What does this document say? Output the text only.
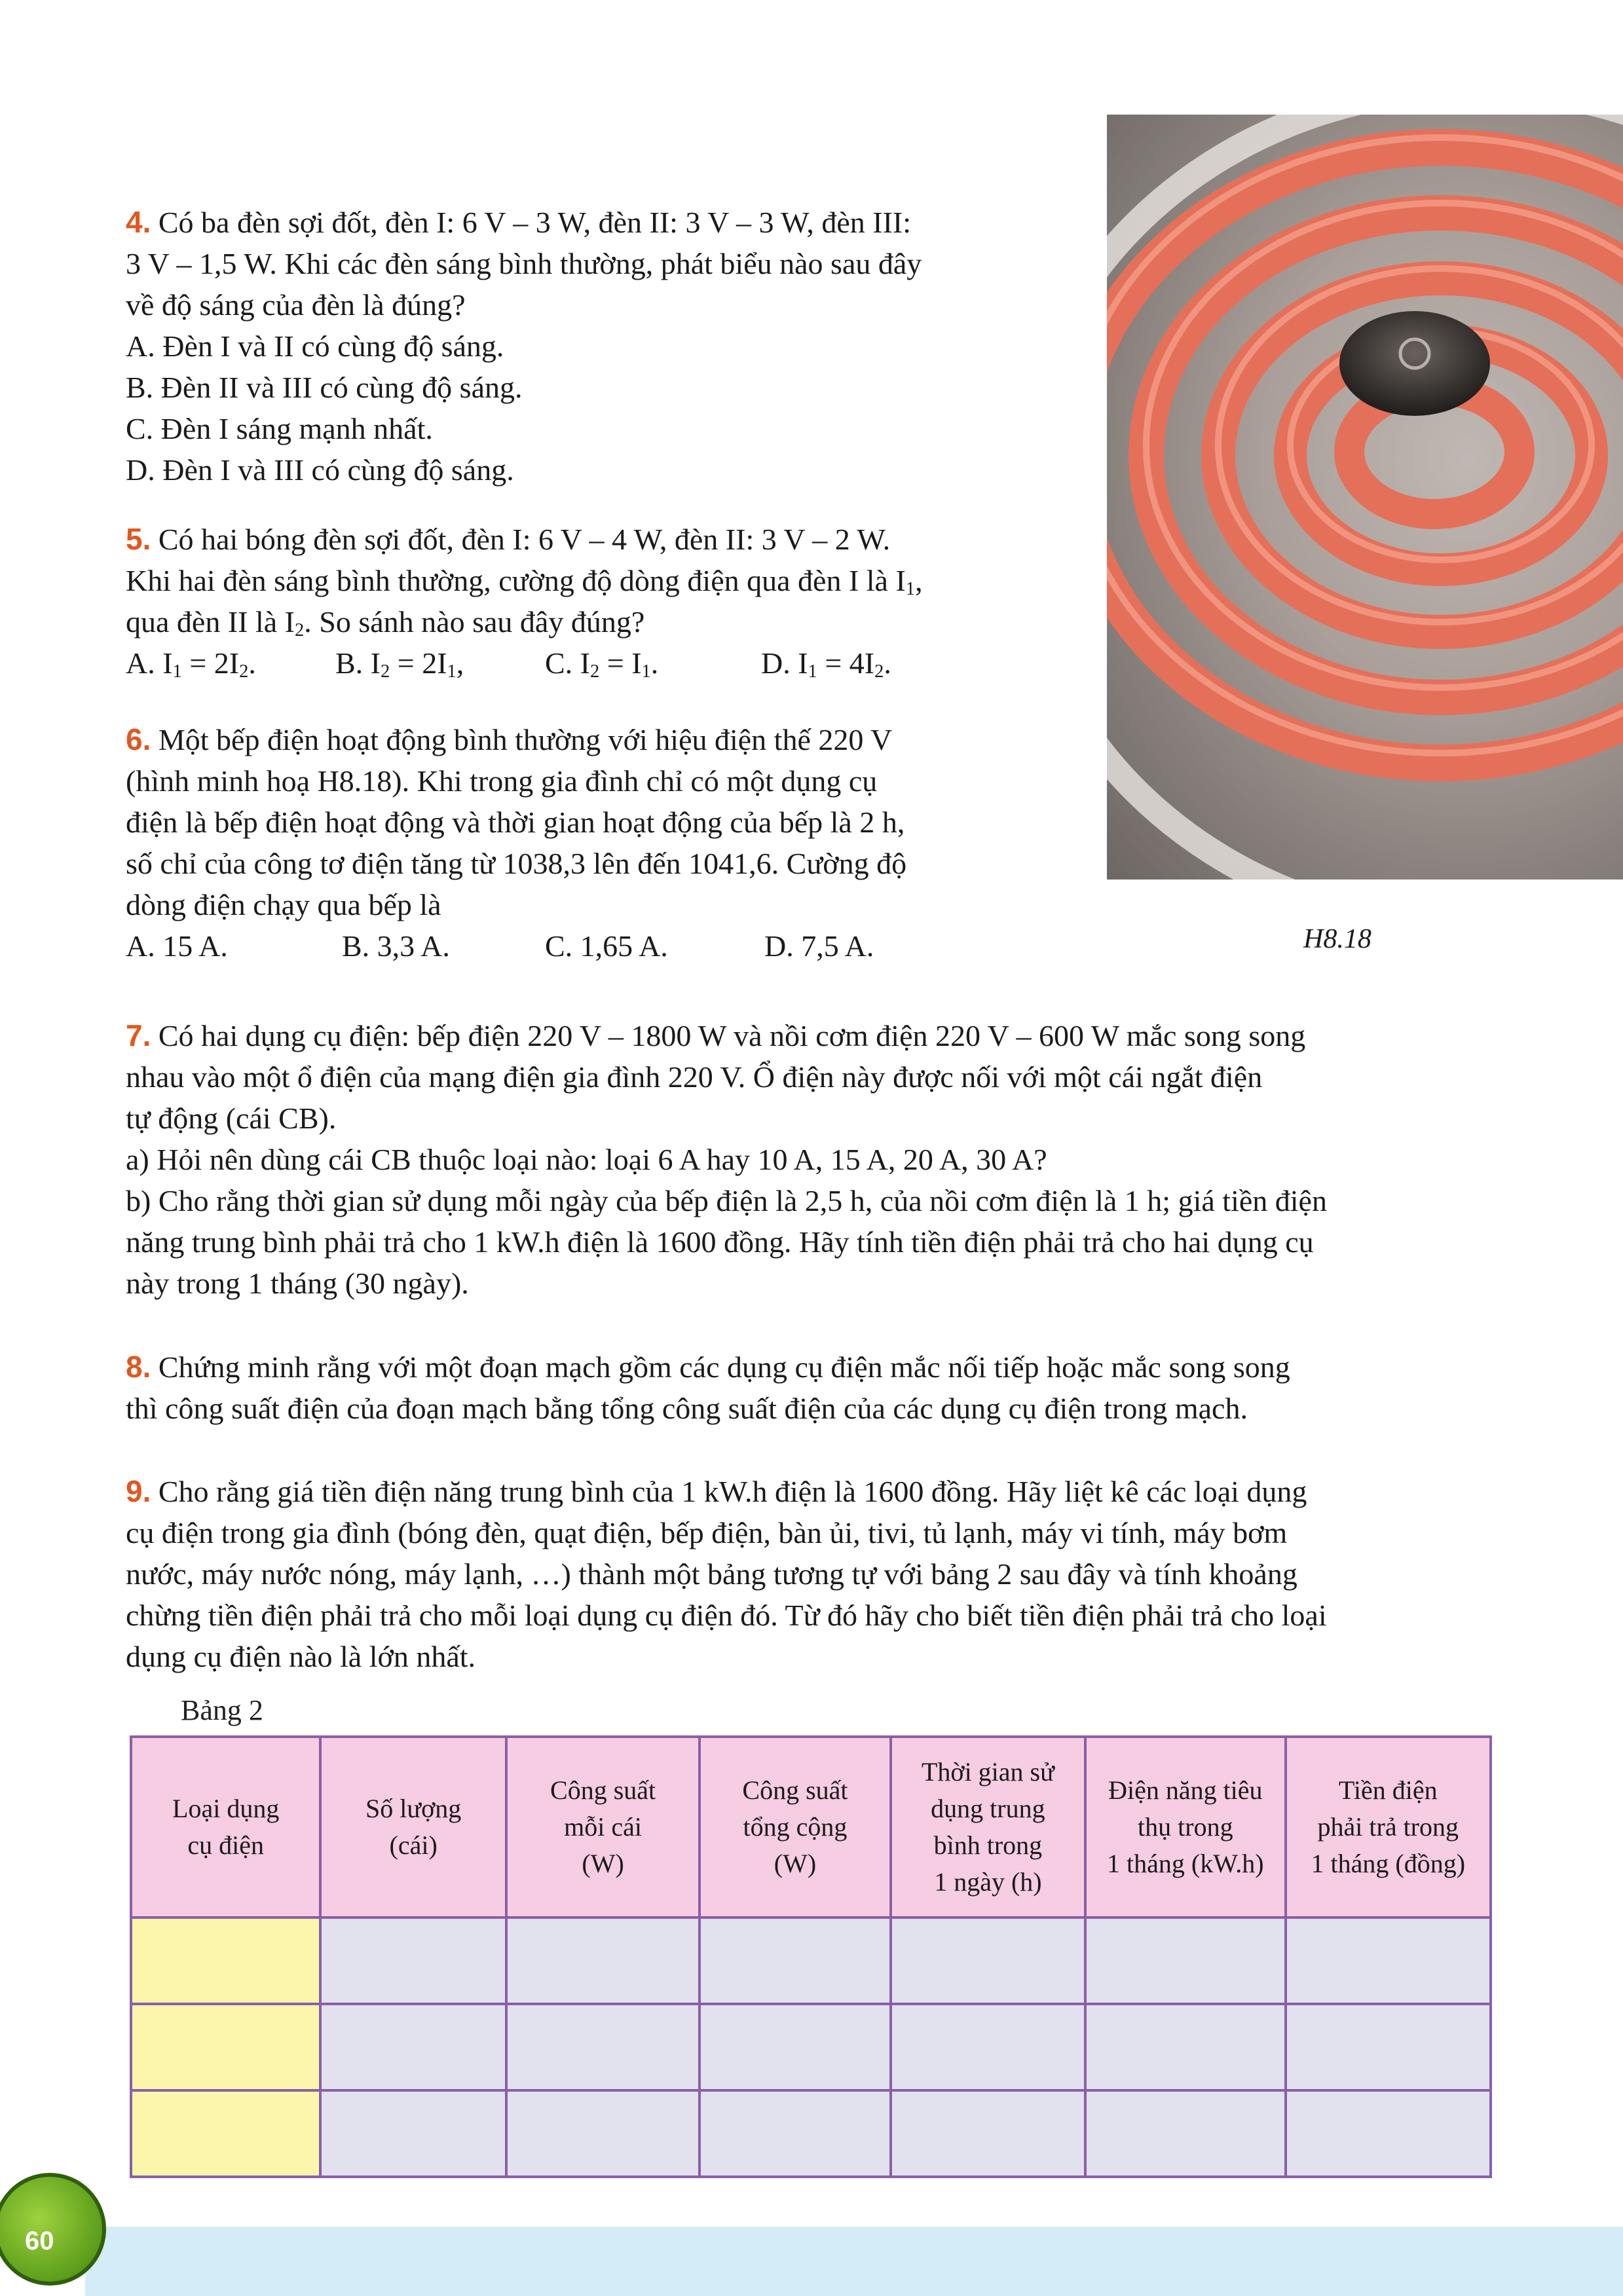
4. Có ba đèn sợi đốt, đèn I: 6 V – 3 W, đèn II: 3 V – 3 W, đèn III:

3 V – 1,5 W. Khi các đèn sáng bình thường, phát biểu nào sau đây

về độ sáng của đèn là đúng?

A. Đèn I và II có cùng độ sáng.

B. Đèn II và III có cùng độ sáng.

C. Đèn I sáng mạnh nhất.

D. Đèn I và III có cùng độ sáng.

5. Có hai bóng đèn sợi đốt, đèn I: 6 V – 4 W, đèn II: 3 V – 2 W.

Khi hai đèn sáng bình thường, cường độ dòng điện qua đèn I là $I_1$,

qua đèn II là $I_2$. So sánh nào sau đây đúng?

A. $I_1 = 2I_2$.	B. $I_2 = 2I_1$,	C. $I_2 = I_1$.	D. $I_1 = 4I_2$.

6. Một bếp điện hoạt động bình thường với hiệu điện thế 220 V

(hình minh hoạ H8.18). Khi trong gia đình chỉ có một dụng cụ

điện là bếp điện hoạt động và thời gian hoạt động của bếp là 2 h,

số chỉ của công tơ điện tăng từ 1038,3 lên đến 1041,6. Cường độ

dòng điện chạy qua bếp là

A. 15 A.	B. 3,3 A.	C. 1,65 A.	D. 7,5 A.	H8.18

7. Có hai dụng cụ điện: bếp điện 220 V – 1800 W và nồi cơm điện 220 V – 600 W mắc song song

nhau vào một ổ điện của mạng điện gia đình 220 V. Ổ điện này được nối với một cái ngắt điện

tự động (cái CB).

a) Hỏi nên dùng cái CB thuộc loại nào: loại 6 A hay 10 A, 15 A, 20 A, 30 A?

b) Cho rằng thời gian sử dụng mỗi ngày của bếp điện là 2,5 h, của nồi cơm điện là 1 h; giá tiền điện

năng trung bình phải trả cho 1 kW.h điện là 1600 đồng. Hãy tính tiền điện phải trả cho hai dụng cụ

này trong 1 tháng (30 ngày).

8. Chứng minh rằng với một đoạn mạch gồm các dụng cụ điện mắc nối tiếp hoặc mắc song song

thì công suất điện của đoạn mạch bằng tổng công suất điện của các dụng cụ điện trong mạch.

9. Cho rằng giá tiền điện năng trung bình của 1 kW.h điện là 1600 đồng. Hãy liệt kê các loại dụng

cụ điện trong gia đình (bóng đèn, quạt điện, bếp điện, bàn ủi, tivi, tủ lạnh, máy vi tính, máy bơm

nước, máy nước nóng, máy lạnh, …) thành một bảng tương tự với bảng 2 sau đây và tính khoảng

chừng tiền điện phải trả cho mỗi loại dụng cụ điện đó. Từ đó hãy cho biết tiền điện phải trả cho loại

dụng cụ điện nào là lớn nhất.

Bảng 2
Loại dụng
cụ điện	Số lượng
(cái)	Công suất
mỗi cái
(W)	Công suất
tổng cộng
(W)	Thời gian sử
dụng trung
bình trong
1 ngày (h)	Điện năng tiêu
thụ trong
1 tháng (kW.h)	Tiền điện
phải trả trong
1 tháng (đồng)

60
